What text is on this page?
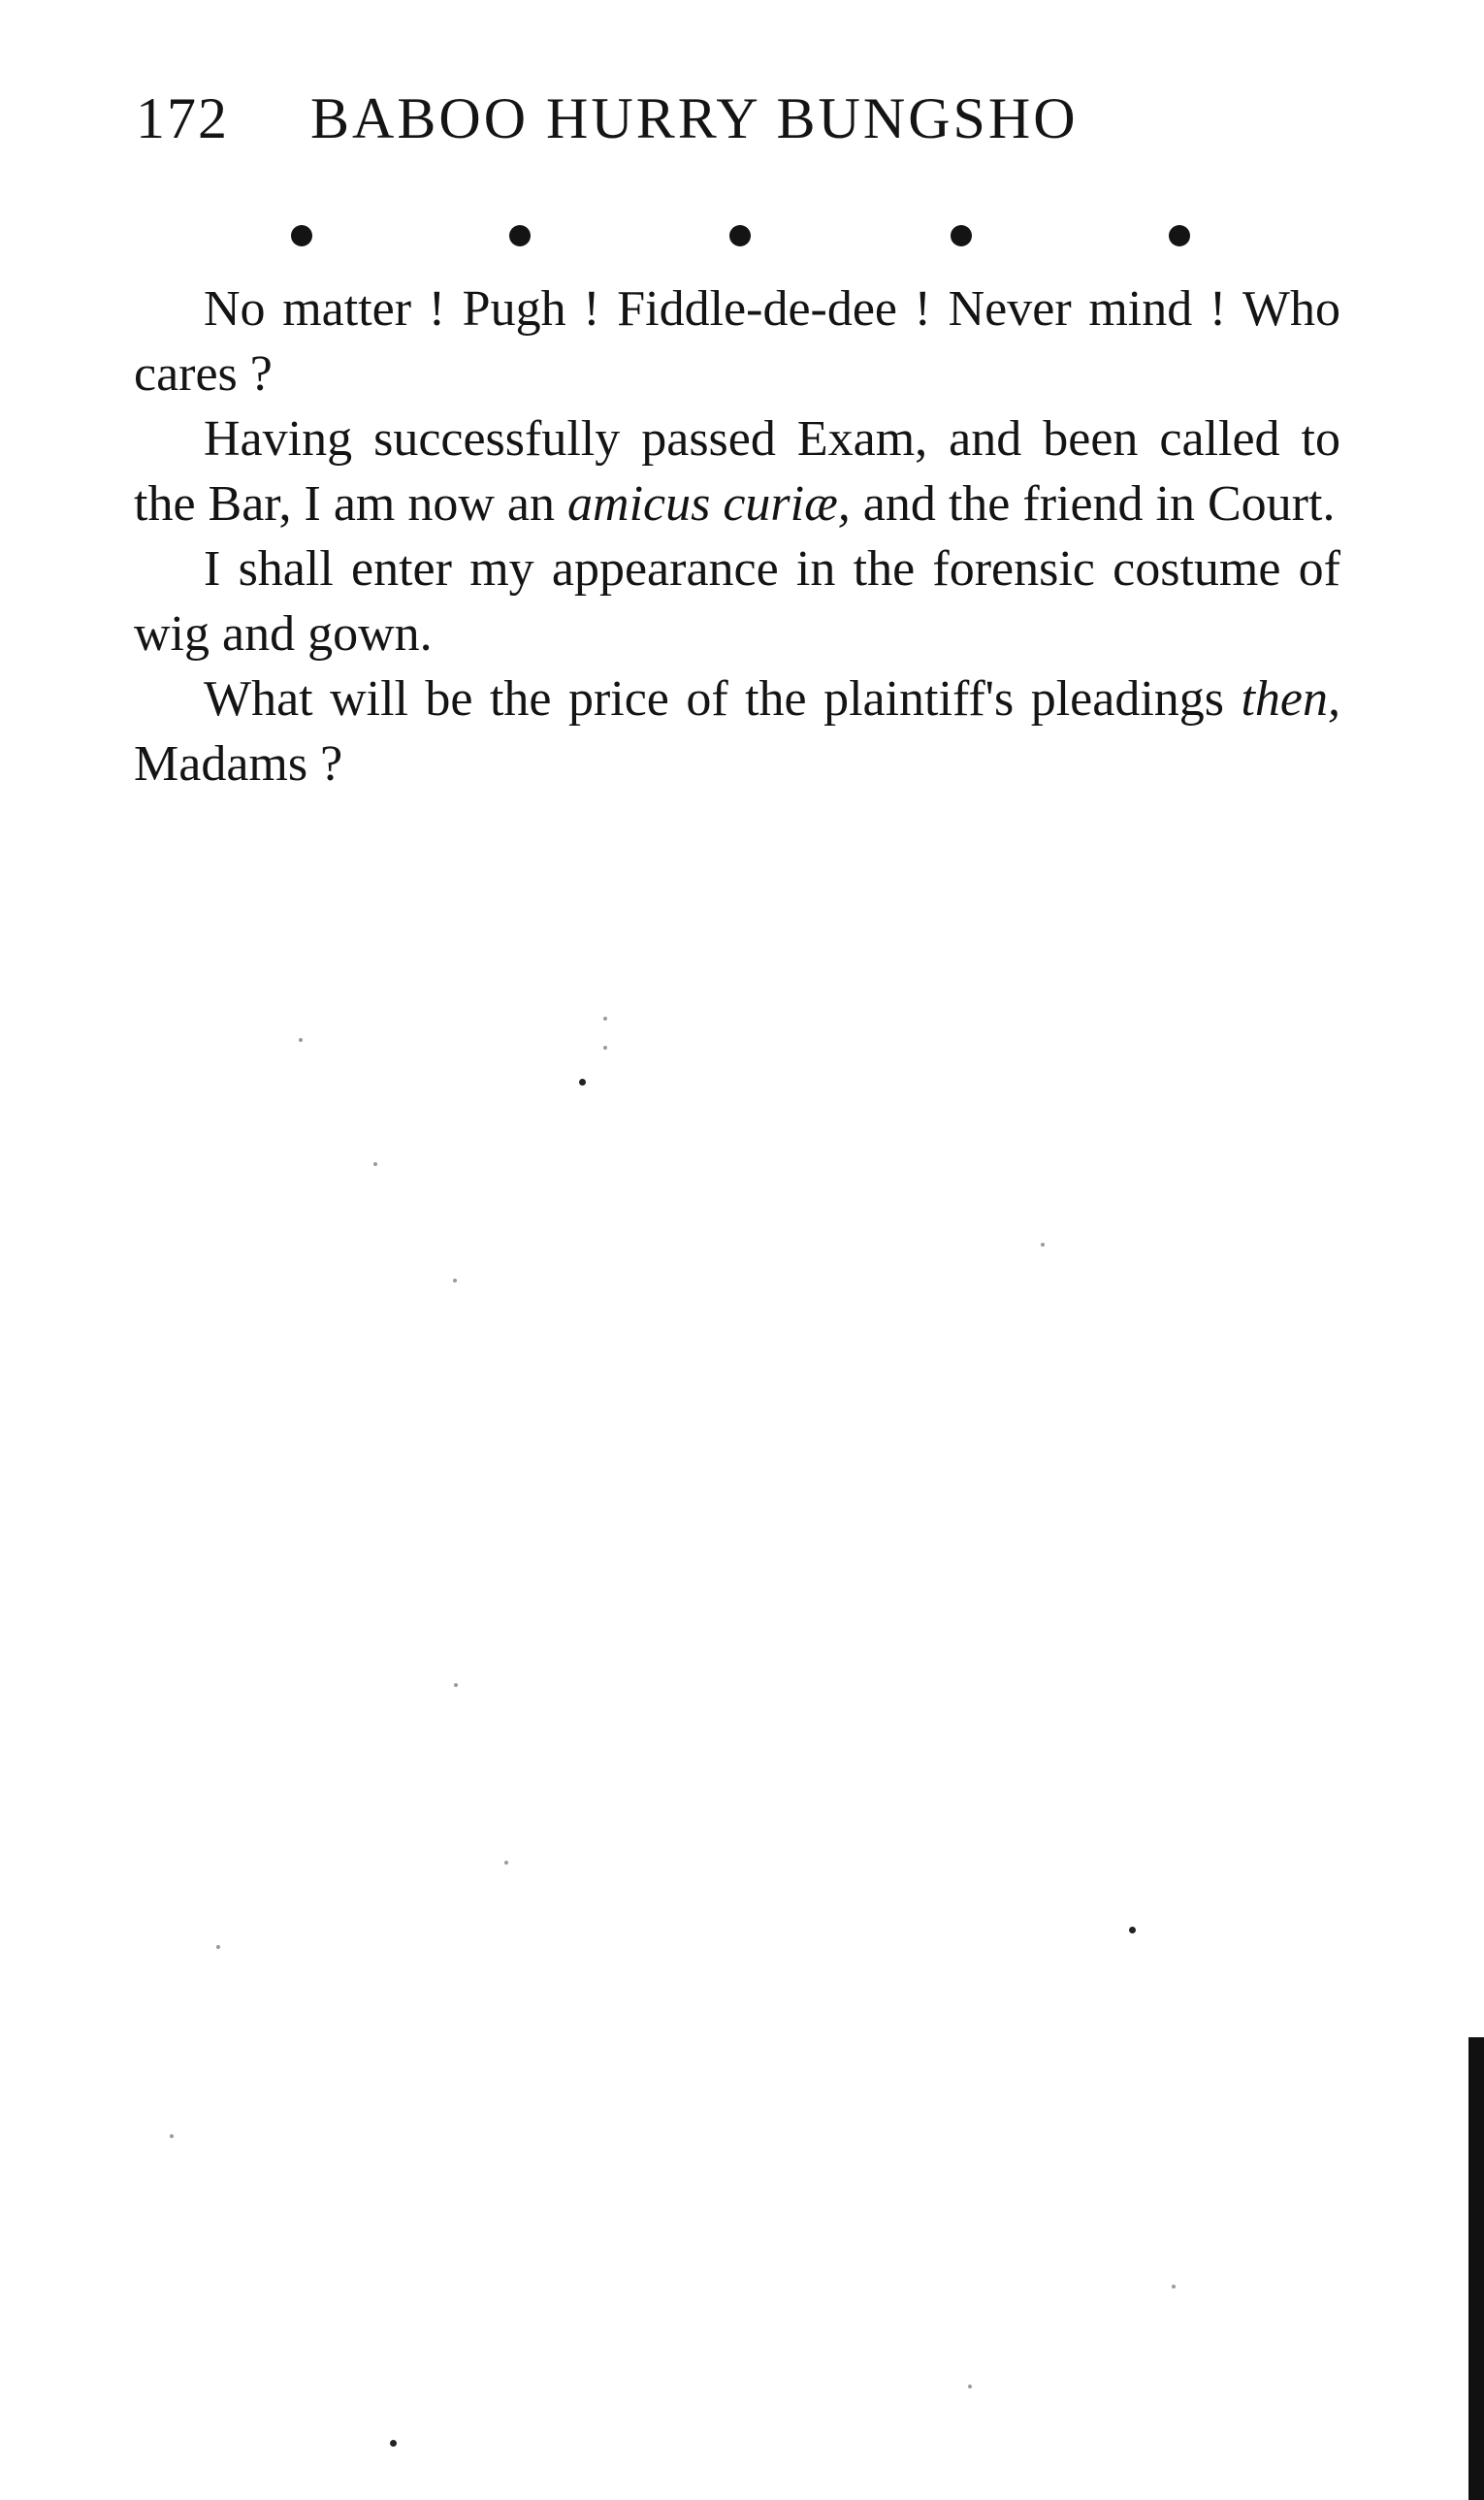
172 BABOO HURRY BUNGSHO

No matter ! Pugh ! Fiddle-de-dee ! Never mind ! Who cares ?

Having successfully passed Exam, and been called to the Bar, I am now an amicus curiæ, and the friend in Court.

I shall enter my appearance in the forensic costume of wig and gown.

What will be the price of the plaintiff's pleadings then, Madams ?
